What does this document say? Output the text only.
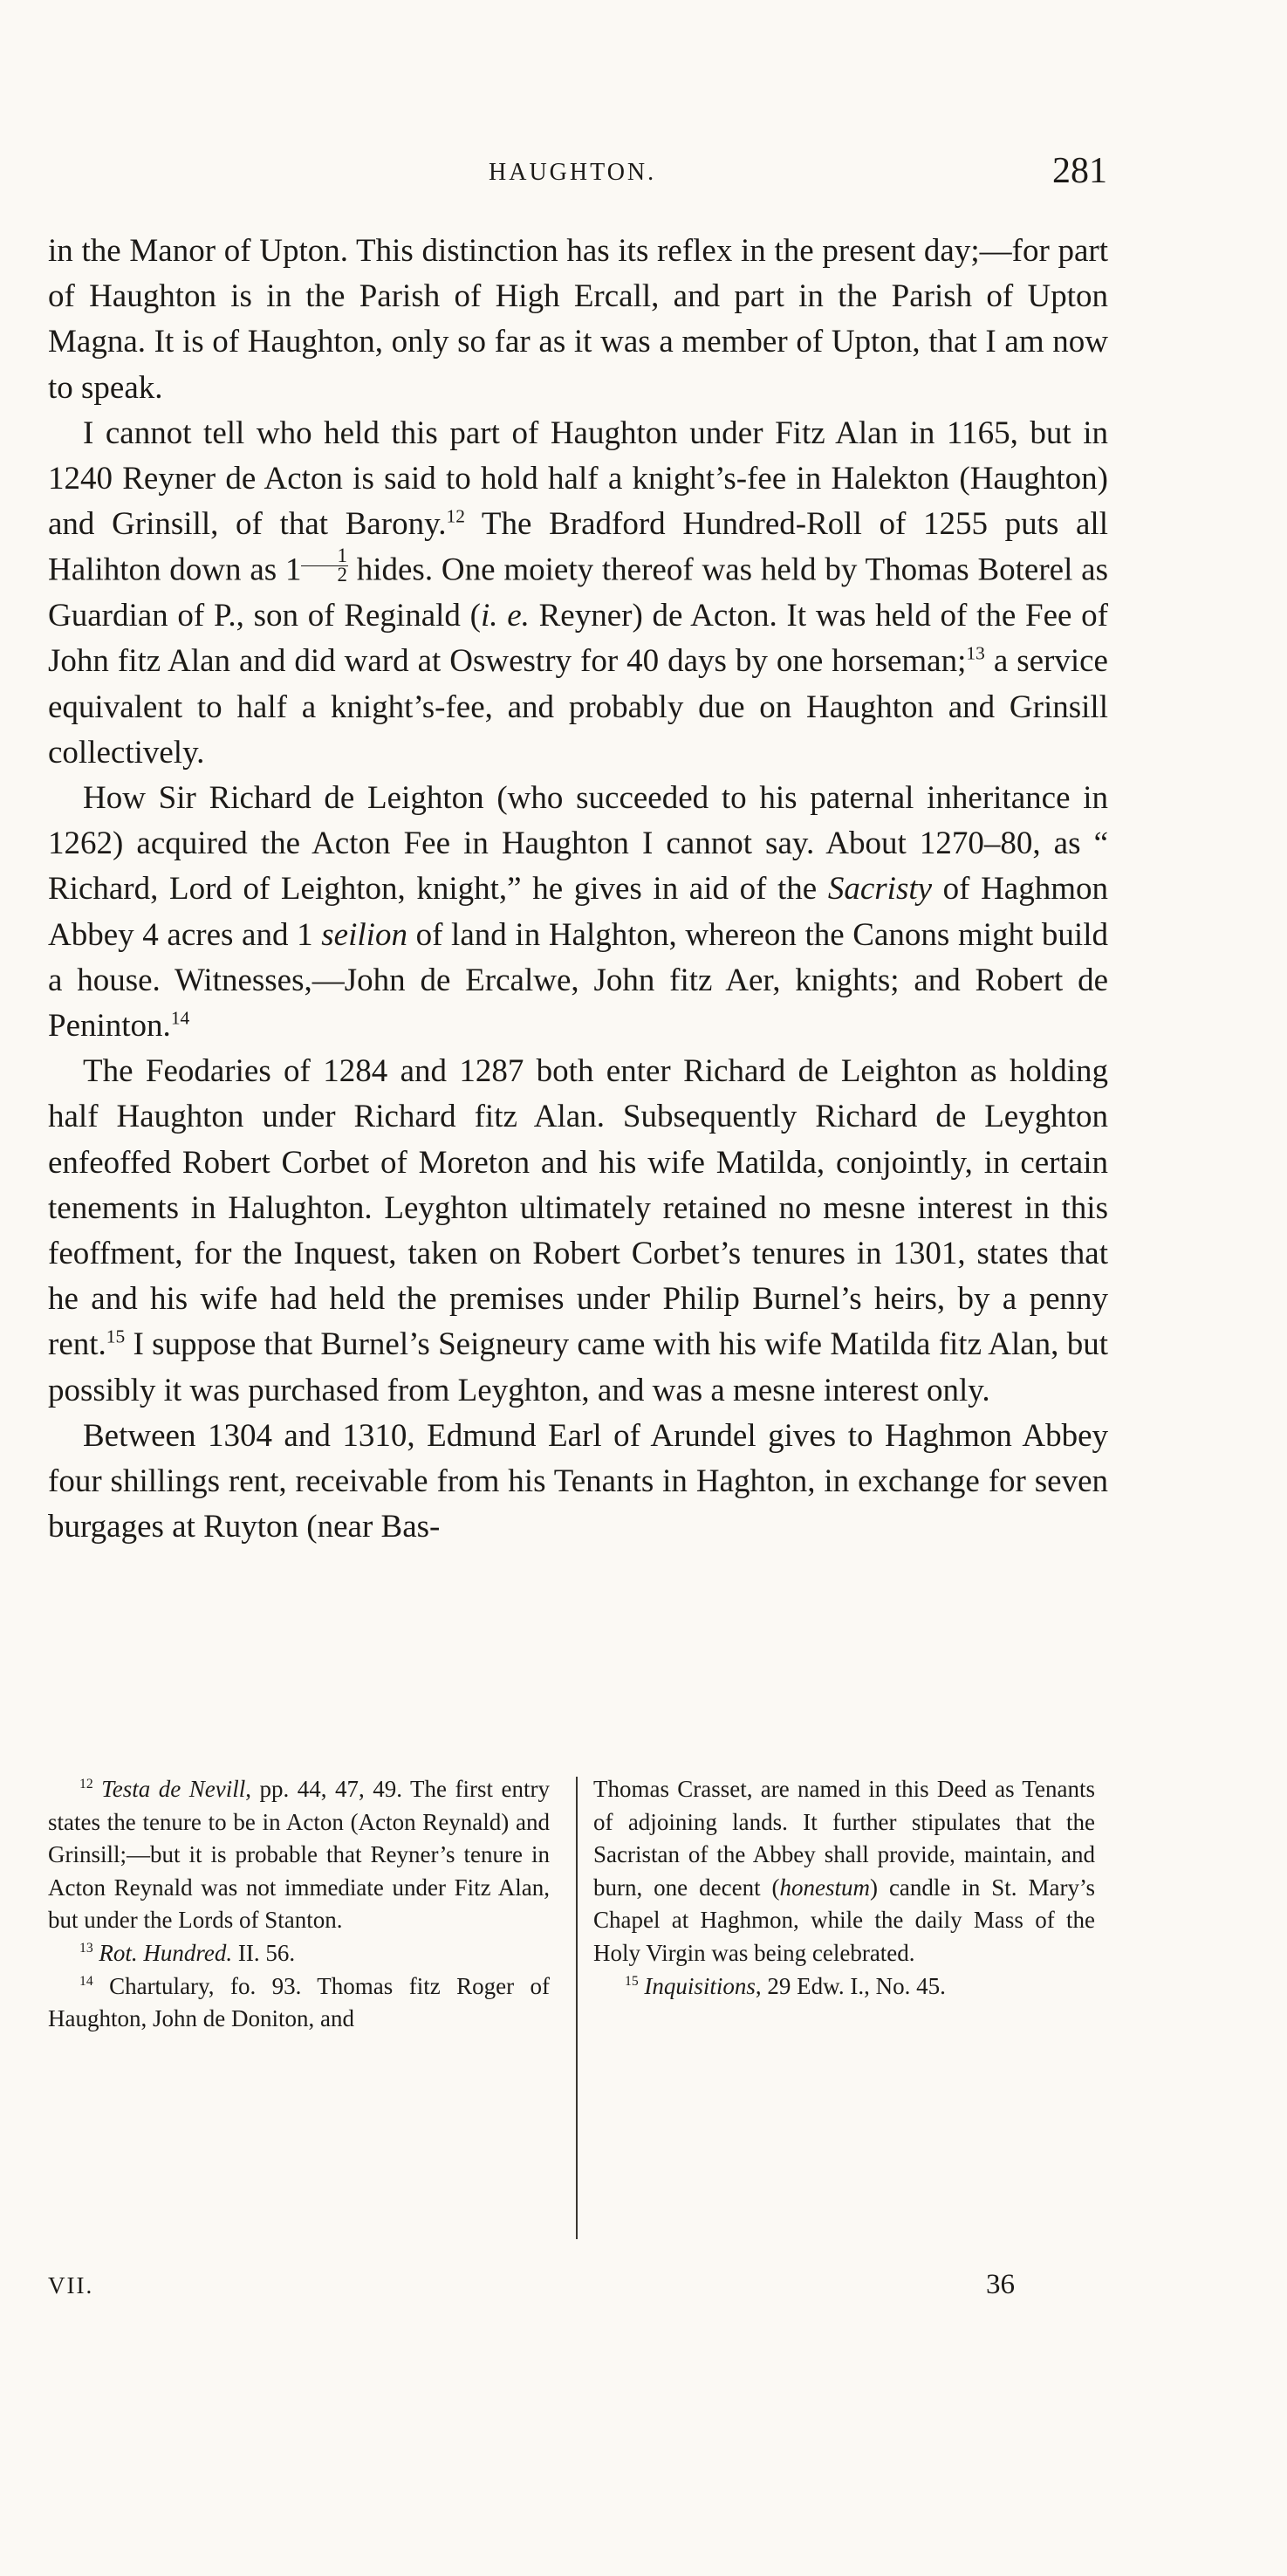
HAUGHTON.	281

in the Manor of Upton. This distinction has its reflex in the present day;—for part of Haughton is in the Parish of High Ercall, and part in the Parish of Upton Magna. It is of Haughton, only so far as it was a member of Upton, that I am now to speak.

I cannot tell who held this part of Haughton under Fitz Alan in 1165, but in 1240 Reyner de Acton is said to hold half a knight’s-fee in Halekton (Haughton) and Grinsill, of that Barony.$^{12}$ The Bradford Hundred-Roll of 1255 puts all Halihton down as $1 \frac{1}{2}$ hides. One moiety thereof was held by Thomas Boterel as Guardian of P., son of Reginald (i. e. Reyner) de Acton. It was held of the Fee of John fitz Alan and did ward at Oswestry for 40 days by one horseman;$^{13}$ a service equivalent to half a knight’s-fee, and probably due on Haughton and Grinsill collectively.

How Sir Richard de Leighton (who succeeded to his paternal inheritance in 1262) acquired the Acton Fee in Haughton I cannot say. About 1270–80, as “ Richard, Lord of Leighton, knight,” he gives in aid of the Sacristy of Haghmon Abbey 4 acres and 1 seilion of land in Halghton, whereon the Canons might build a house. Witnesses,—John de Ercalwe, John fitz Aer, knights; and Robert de Peninton.$^{14}$

The Feodaries of 1284 and 1287 both enter Richard de Leighton as holding half Haughton under Richard fitz Alan. Subsequently Richard de Leyghton enfeoffed Robert Corbet of Moreton and his wife Matilda, conjointly, in certain tenements in Halughton. Leyghton ultimately retained no mesne interest in this feoffment, for the Inquest, taken on Robert Corbet’s tenures in 1301, states that he and his wife had held the premises under Philip Burnel’s heirs, by a penny rent.$^{15}$ I suppose that Burnel’s Seigneury came with his wife Matilda fitz Alan, but possibly it was purchased from Leyghton, and was a mesne interest only.

Between 1304 and 1310, Edmund Earl of Arundel gives to Haghmon Abbey four shillings rent, receivable from his Tenants in Haghton, in exchange for seven burgages at Ruyton (near Bas-

$^{12}$ Testa de Nevill, pp. 44, 47, 49. The first entry states the tenure to be in Acton (Acton Reynald) and Grinsill;—but it is probable that Reyner’s tenure in Acton Reynald was not immediate under Fitz Alan, but under the Lords of Stanton.

$^{13}$ Rot. Hundred. II. 56.

$^{14}$ Chartulary, fo. 93. Thomas fitz Roger of Haughton, John de Doniton, and

Thomas Crasset, are named in this Deed as Tenants of adjoining lands. It further stipulates that the Sacristan of the Abbey shall provide, maintain, and burn, one decent (honestum) candle in St. Mary’s Chapel at Haghmon, while the daily Mass of the Holy Virgin was being celebrated.

$^{15}$ Inquisitions, 29 Edw. I., No. 45.

VII.	36
